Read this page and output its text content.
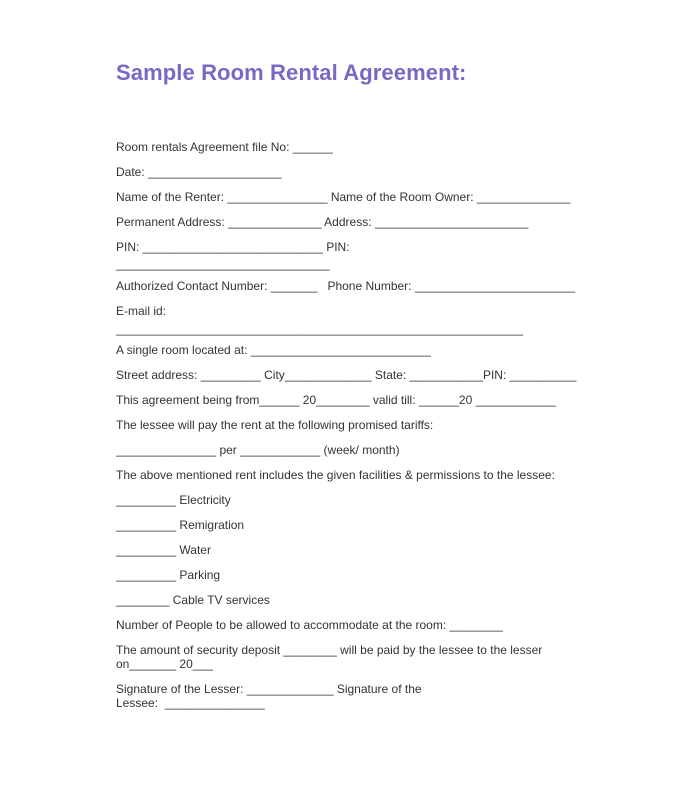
Sample Room Rental Agreement:
Room rentals Agreement file No: ______
Date: ____________________
Name of the Renter: _______________ Name of the Room Owner: ______________
Permanent Address: ______________ Address: _______________________
PIN: ___________________________ PIN:
________________________________
Authorized Contact Number: _______   Phone Number: ________________________
E-mail id:
_____________________________________________________________
A single room located at: ___________________________
Street address: _________ City_____________ State: ___________PIN: __________
This agreement being from______ 20________ valid till: ______20 ____________
The lessee will pay the rent at the following promised tariffs:
_______________ per ____________ (week/ month)
The above mentioned rent includes the given facilities & permissions to the lessee:
_________ Electricity
_________ Remigration
_________ Water
_________ Parking
________ Cable TV services
Number of People to be allowed to accommodate at the room: ________
The amount of security deposit ________ will be paid by the lessee to the lesser
on_______ 20___
Signature of the Lesser: _____________ Signature of the
Lessee:  _______________
